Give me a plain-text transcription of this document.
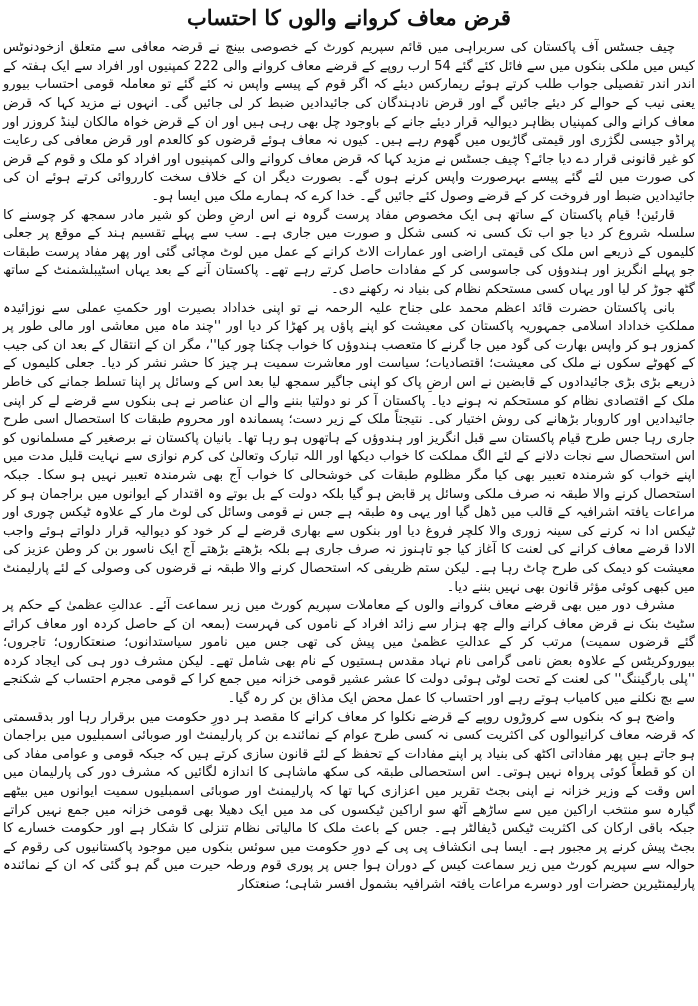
قرض معاف کروانے والوں کا احتساب

چیف جسٹس آف پاکستان کی سربراہی میں قائم سپریم کورٹ کے خصوصی بینچ نے قرضہ معافی سے متعلق ازخودنوٹس کیس میں ملکی بنکوں میں سے فائل کئے گئے 54 ارب روپے کے قرضے معاف کروانے والی 222 کمپنیوں اور افراد سے ایک ہفتہ کے اندر اندر تفصیلی جواب طلب کرتے ہوئے ریمارکس دیئے کہ اگر قوم کے پیسے واپس نہ کئے گئے تو معاملہ قومی احتساب بیورو یعنی نیب کے حوالے کر دیئے جائیں گے اور قرض نادہندگان کی جائیدادیں ضبط کر لی جائیں گی۔ انہوں نے مزید کہا کہ قرض معاف کرانے والی کمپنیاں بظاہر دیوالیہ قرار دیئے جانے کے باوجود چل بھی رہی ہیں اور ان کے قرض خواہ مالکان لینڈ کروزر اور پراڈو جیسی لگژری اور قیمتی گاڑیوں میں گھوم رہے ہیں۔ کیوں نہ معاف ہوئے قرضوں کو کالعدم اور قرض معافی کی رعایت کو غیر قانونی قرار دے دیا جائے؟ چیف جسٹس نے مزید کہا کہ قرض معاف کروانے والی کمپنیوں اور افراد کو ملک و قوم کے قرض کی صورت میں لئے گئے پیسے بہرصورت واپس کرنے ہوں گے۔ بصورت دیگر ان کے خلاف سخت کارروائی کرتے ہوئے ان کی جائیدادیں ضبط اور فروخت کر کے قرضے وصول کئے جائیں گے۔ خدا کرے کہ ہمارے ملک میں ایسا ہو۔

قارئین! قیام پاکستان کے ساتھ ہی ایک مخصوص مفاد پرست گروہ نے اس ارضِ وطن کو شیر مادر سمجھ کر چوسنے کا سلسلہ شروع کر دیا جو اب تک کسی نہ کسی شکل و صورت میں جاری ہے۔ سب سے پہلے تقسیم ہند کے موقع پر جعلی کلیموں کے ذریعے اس ملک کی قیمتی اراضی اور عمارات الاٹ کرانے کے عمل میں لوٹ مچائی گئی اور پھر مفاد پرست طبقات جو پہلے انگریز اور ہندوؤں کی جاسوسی کر کے مفادات حاصل کرتے رہے تھے۔ پاکستان آنے کے بعد یہاں اسٹیبلشمنٹ کے ساتھ گٹھ جوڑ کر لیا اور یہاں کسی مستحکم نظام کی بنیاد نہ رکھنے دی۔

بانی پاکستان حضرت قائد اعظم محمد علی جناح علیہ الرحمہ نے تو اپنی خداداد بصیرت اور حکمتِ عملی سے نوزائیدہ مملکتِ خداداد اسلامی جمہوریہ پاکستان کی معیشت کو اپنے پاؤں پر کھڑا کر دیا اور ''چند ماہ میں معاشی اور مالی طور پر کمزور ہو کر واپس بھارت کی گود میں جا گرنے کا متعصب ہندوؤں کا خواب چکنا چور کیا''، مگر ان کے انتقال کے بعد ان کی جیب کے کھوٹے سکوں نے ملک کی معیشت؛ اقتصادیات؛ سیاست اور معاشرت سمیت ہر چیز کا حشر نشر کر دیا۔ جعلی کلیموں کے ذریعے بڑی بڑی جائیدادوں کے قابضین نے اس ارضِ پاک کو اپنی جاگیر سمجھ لیا بعد اس کے وسائل پر اپنا تسلط جمانے کی خاطر ملک کے اقتصادی نظام کو مستحکم نہ ہونے دیا۔ پاکستان آ کر نو دولتیا بننے والے ان عناصر نے ہی بنکوں سے قرضے لے کر اپنی جائیدادیں اور کاروبار بڑھانے کی روش اختیار کی۔ نتیجتاً ملک کے زیر دست؛ پسماندہ اور محروم طبقات کا استحصال اسی طرح جاری رہا جس طرح قیام پاکستان سے قبل انگریز اور ہندوؤں کے ہاتھوں ہو رہا تھا۔ بانیان پاکستان نے برصغیر کے مسلمانوں کو اس استحصال سے نجات دلانے کے لئے الگ مملکت کا خواب دیکھا اور اللہ تبارک وتعالیٰ کی کرم نوازی سے نہایت قلیل مدت میں اپنے خواب کو شرمندہ تعبیر بھی کیا مگر مظلوم طبقات کی خوشحالی کا خواب آج بھی شرمندہ تعبیر نہیں ہو سکا۔ جبکہ استحصال کرنے والا طبقہ نہ صرف ملکی وسائل پر قابض ہو گیا بلکہ دولت کے بل بوتے وہ اقتدار کے ایوانوں میں براجمان ہو کر مراعات یافتہ اشرافیہ کے قالب میں ڈھل گیا اور یہی وہ طبقہ ہے جس نے قومی وسائل کی لوٹ مار کے علاوہ ٹیکس چوری اور ٹیکس ادا نہ کرنے کی سینہ زوری والا کلچر فروغ دیا اور بنکوں سے بھاری قرضے لے کر خود کو دیوالیہ قرار دلواتے ہوئے واجب الادا قرضے معاف کرانے کی لعنت کا آغاز کیا جو تاہنوز نہ صرف جاری ہے بلکہ بڑھتے بڑھتے آج ایک ناسور بن کر وطن عزیز کی معیشت کو دیمک کی طرح چاٹ رہا ہے۔ لیکن ستم ظریفی کہ استحصال کرنے والا طبقہ نے قرضوں کی وصولی کے لئے پارلیمنٹ میں کبھی کوئی مؤثر قانون بھی نہیں بننے دیا۔

مشرف دور میں بھی قرضے معاف کروانے والوں کے معاملات سپریم کورٹ میں زیر سماعت آئے۔ عدالتِ عظمیٰ کے حکم پر سٹیٹ بنک نے قرض معاف کرانے والے چھ ہزار سے زائد افراد کے ناموں کی فہرست (بمعہ ان کے حاصل کردہ اور معاف کرائے گئے قرضوں سمیت) مرتب کر کے عدالتِ عظمیٰ میں پیش کی تھی جس میں نامور سیاستدانوں؛ صنعتکاروں؛ تاجروں؛ بیوروکریٹس کے علاوہ بعض نامی گرامی نام نہاد مقدس ہستیوں کے نام بھی شامل تھے۔ لیکن مشرف دور ہی کی ایجاد کردہ ''پلی بارگیننگ'' کی لعنت کے تحت لوٹی ہوئی دولت کا عشر عشیر قومی خزانہ میں جمع کرا کے قومی مجرم احتساب کے شکنجے سے بچ نکلنے میں کامیاب ہوتے رہے اور احتساب کا عمل محض ایک مذاق بن کر رہ گیا۔

واضح ہو کہ بنکوں سے کروڑوں روپے کے قرضے نکلوا کر معاف کرانے کا مقصد ہر دورِ حکومت میں برقرار رہا اور بدقسمتی کہ قرضہ معاف کرانیوالوں کی اکثریت کسی نہ کسی طرح عوام کے نمائندے بن کر پارلیمنٹ اور صوبائی اسمبلیوں میں براجمان ہو جاتے ہیں پھر مفاداتی اکٹھ کی بنیاد پر اپنے مفادات کے تحفظ کے لئے قانون سازی کرتے ہیں کہ جبکہ قومی و عوامی مفاد کی ان کو قطعاً کوئی پرواہ نہیں ہوتی۔ اس استحصالی طبقہ کی سکھ ماشاہی کا اندازہ لگائیں کہ مشرف دور کی پارلیمان میں اس وقت کے وزیر خزانہ نے اپنی بجٹ تقریر میں اعزازی کہا تھا کہ پارلیمنٹ اور صوبائی اسمبلیوں سمیت ایوانوں میں بیٹھے گیارہ سو منتخب اراکین میں سے ساڑھے آٹھ سو اراکین ٹیکسوں کی مد میں ایک دھیلا بھی قومی خزانہ میں جمع نہیں کراتے جبکہ باقی ارکان کی اکثریت ٹیکس ڈیفالٹر ہے۔ جس کے باعث ملک کا مالیاتی نظام تنزلی کا شکار ہے اور حکومت خسارے کا بجٹ پیش کرنے پر مجبور ہے۔ ایسا ہی انکشاف پی پی کے دورِ حکومت میں سوئس بنکوں میں موجود پاکستانیوں کی رقوم کے حوالہ سے سپریم کورٹ میں زیر سماعت کیس کے دوران ہوا جس پر پوری قوم ورطہ حیرت میں گم ہو گئی کہ ان کے نمائندہ پارلیمنٹیرین حضرات اور دوسرے مراعات یافتہ اشرافیہ بشمول افسر شاہی؛ صنعتکار
